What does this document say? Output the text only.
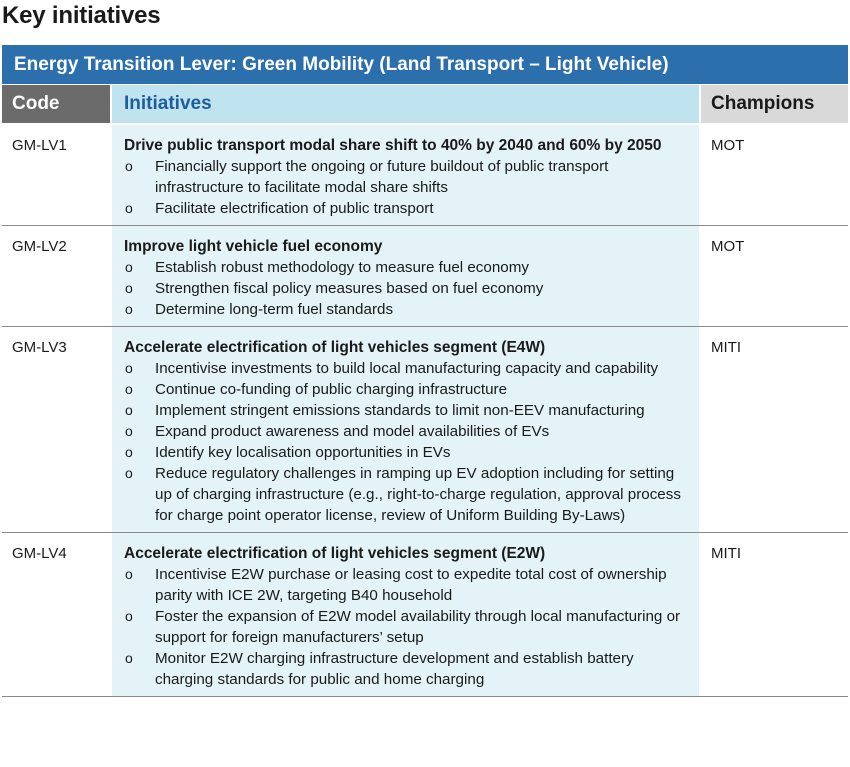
Key initiatives
Energy Transition Lever: Green Mobility (Land Transport – Light Vehicle)
Code	Initiatives	Champions
GM-LV1	Drive public transport modal share shift to 40% by 2040 and 60% by 2050
o Financially support the ongoing or future buildout of public transport infrastructure to facilitate modal share shifts
o Facilitate electrification of public transport
MOT
GM-LV2	Improve light vehicle fuel economy
o Establish robust methodology to measure fuel economy
o Strengthen fiscal policy measures based on fuel economy
o Determine long-term fuel standards
MOT
GM-LV3	Accelerate electrification of light vehicles segment (E4W)
o Incentivise investments to build local manufacturing capacity and capability
o Continue co-funding of public charging infrastructure
o Implement stringent emissions standards to limit non-EEV manufacturing
o Expand product awareness and model availabilities of EVs
o Identify key localisation opportunities in EVs
o Reduce regulatory challenges in ramping up EV adoption including for setting up of charging infrastructure (e.g., right-to-charge regulation, approval process for charge point operator license, review of Uniform Building By-Laws)
MITI
GM-LV4	Accelerate electrification of light vehicles segment (E2W)
o Incentivise E2W purchase or leasing cost to expedite total cost of ownership parity with ICE 2W, targeting B40 household
o Foster the expansion of E2W model availability through local manufacturing or support for foreign manufacturers’ setup
o Monitor E2W charging infrastructure development and establish battery charging standards for public and home charging
MITI
